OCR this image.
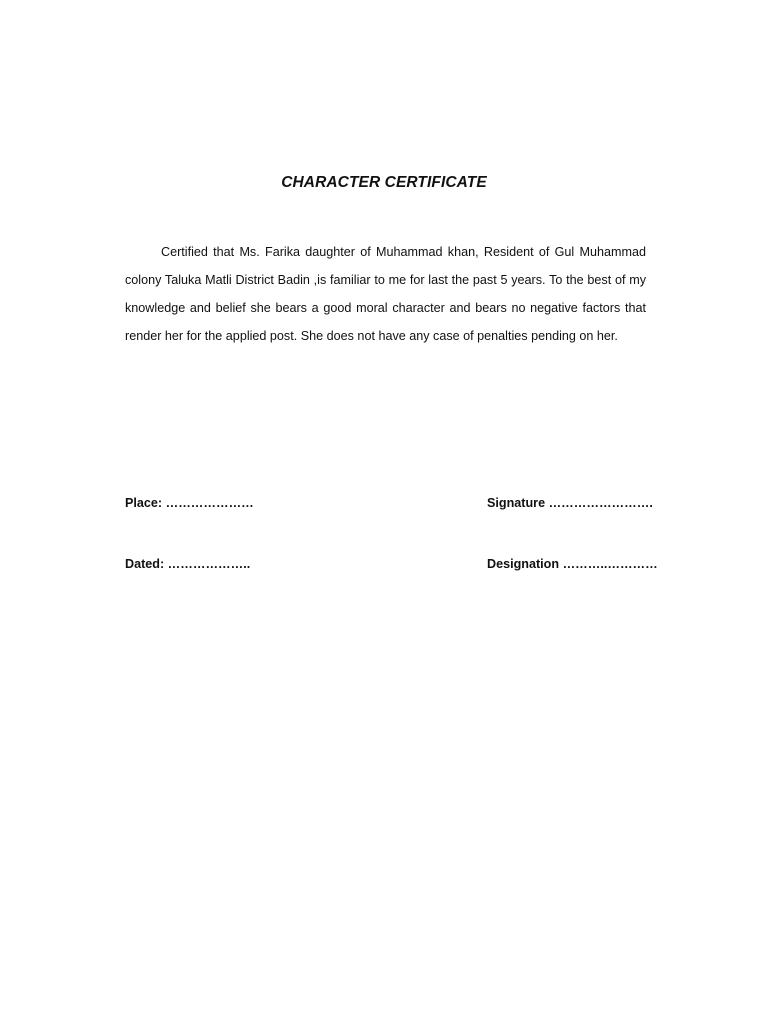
CHARACTER CERTIFICATE
Certified that Ms. Farika daughter of Muhammad khan, Resident of Gul Muhammad colony Taluka Matli District Badin ,is familiar to me for last the past 5 years. To the best of my knowledge and belief she bears a good moral character and bears no negative factors that render her for the applied post. She does not have any case of penalties pending on her.
Place: …………………	Signature …………………….
Dated: ………………..	Designation ………..…………
